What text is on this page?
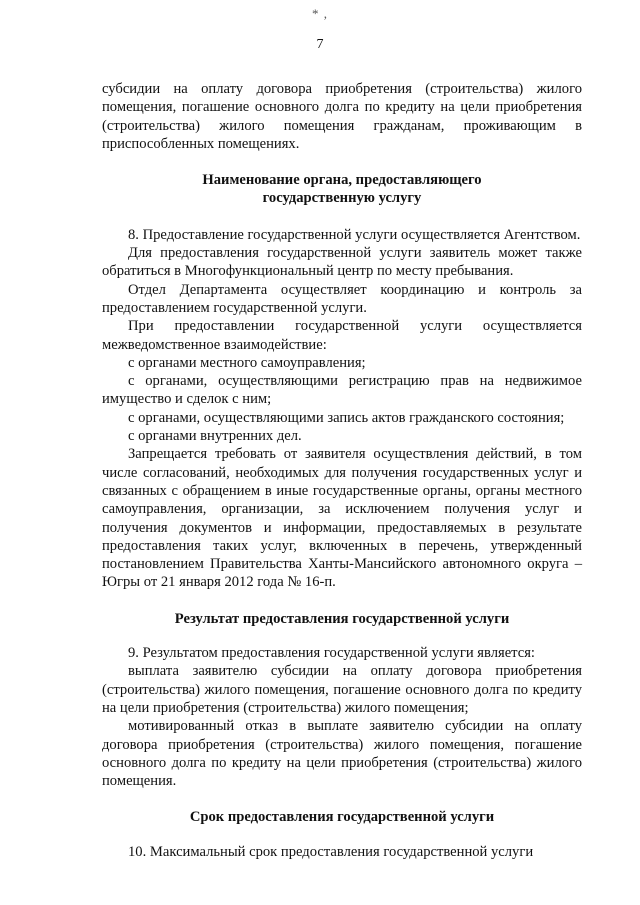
* ,
7

субсидии на оплату договора приобретения (строительства) жилого помещения, погашение основного долга по кредиту на цели приобретения (строительства) жилого помещения гражданам, проживающим в приспособленных помещениях.

Наименование органа, предоставляющего
государственную услугу

8. Предоставление государственной услуги осуществляется Агентством.

Для предоставления государственной услуги заявитель может также обратиться в Многофункциональный центр по месту пребывания.

Отдел Департамента осуществляет координацию и контроль за предоставлением государственной услуги.

При предоставлении государственной услуги осуществляется межведомственное взаимодействие:

с органами местного самоуправления;

с органами, осуществляющими регистрацию прав на недвижимое имущество и сделок с ним;

с органами, осуществляющими запись актов гражданского состояния;

с органами внутренних дел.

Запрещается требовать от заявителя осуществления действий, в том числе согласований, необходимых для получения государственных услуг и связанных с обращением в иные государственные органы, органы местного самоуправления, организации, за исключением получения услуг и получения документов и информации, предоставляемых в результате предоставления таких услуг, включенных в перечень, утвержденный постановлением Правительства Ханты-Мансийского автономного округа – Югры от 21 января 2012 года № 16-п.

Результат предоставления государственной услуги

9. Результатом предоставления государственной услуги является:

выплата заявителю субсидии на оплату договора приобретения (строительства) жилого помещения, погашение основного долга по кредиту на цели приобретения (строительства) жилого помещения;

мотивированный отказ в выплате заявителю субсидии на оплату договора приобретения (строительства) жилого помещения, погашение основного долга по кредиту на цели приобретения (строительства) жилого помещения.

Срок предоставления государственной услуги

10. Максимальный срок предоставления государственной услуги
